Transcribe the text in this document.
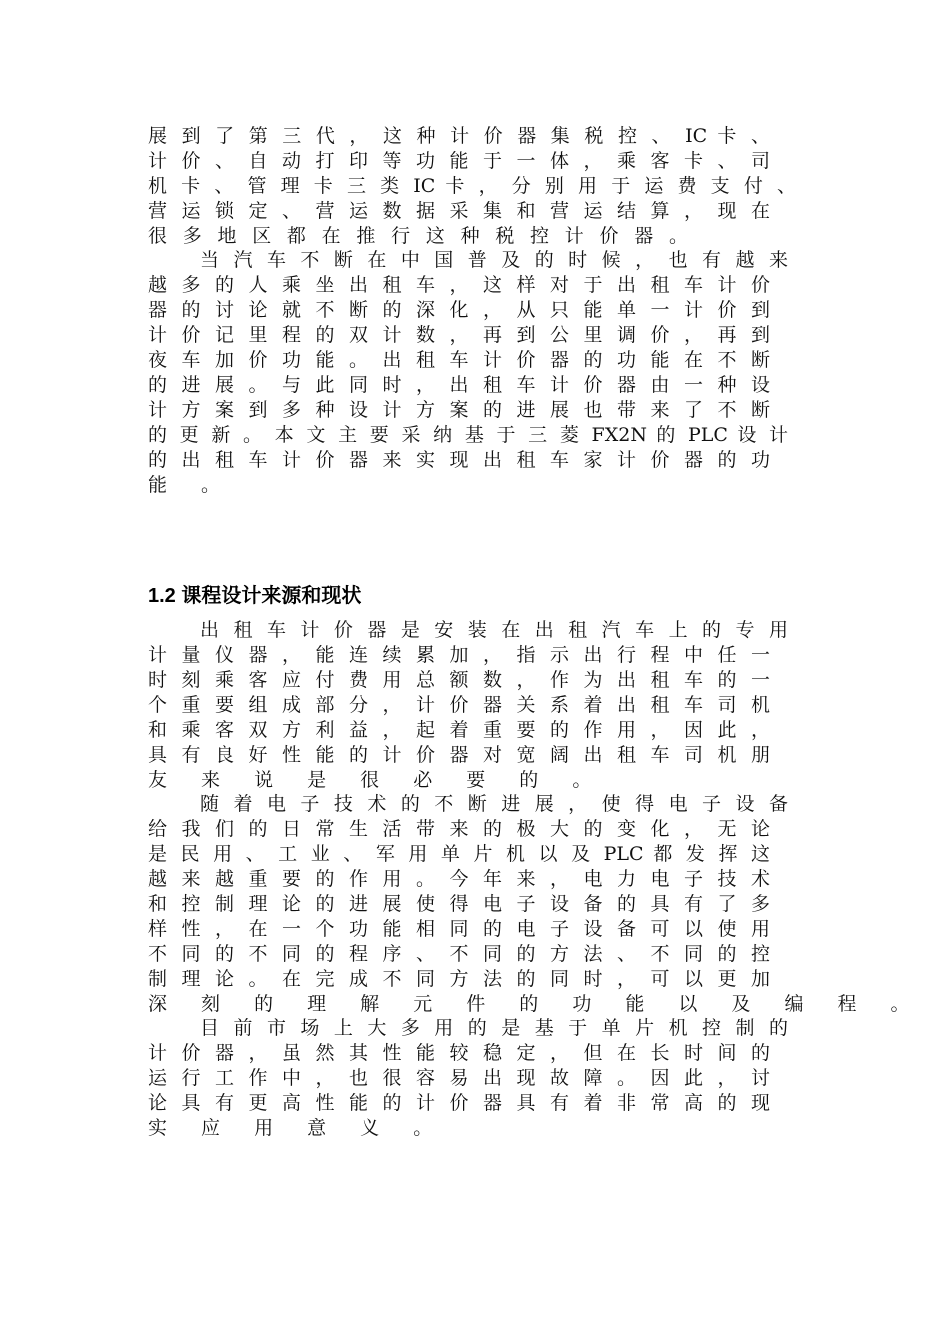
展 到 了 第 三 代 ， 这 种 计 价 器 集 税 控 、 IC 卡 、
计 价 、 自 动 打 印 等 功 能 于 一 体 ， 乘 客 卡 、 司
机 卡 、 管 理 卡 三 类 IC 卡 ， 分 别 用 于 运 费 支 付 、
营 运 锁 定 、 营 运 数 据 采 集 和 营 运 结 算 ， 现 在
很 多 地 区 都 在 推 行 这 种 税 控 计 价 器 。
当 汽 车 不 断 在 中 国 普 及 的 时 候 ， 也 有 越 来
越 多 的 人 乘 坐 出 租 车 ， 这 样 对 于 出 租 车 计 价
器 的 讨 论 就 不 断 的 深 化 ， 从 只 能 单 一 计 价 到
计 价 记 里 程 的 双 计 数 ， 再 到 公 里 调 价 ， 再 到
夜 车 加 价 功 能 。 出 租 车 计 价 器 的 功 能 在 不 断
的 进 展 。 与 此 同 时 ， 出 租 车 计 价 器 由 一 种 设
计 方 案 到 多 种 设 计 方 案 的 进 展 也 带 来 了 不 断
的 更 新 。 本 文 主 要 采 纳 基 于 三 菱 FX2N 的 PLC 设 计
的 出 租 车 计 价 器 来 实 现 出 租 车 家 计 价 器 的 功
能 。
1.2 课程设计来源和现状
出 租 车 计 价 器 是 安 装 在 出 租 汽 车 上 的 专 用
计 量 仪 器 ， 能 连 续 累 加 ， 指 示 出 行 程 中 任 一
时 刻 乘 客 应 付 费 用 总 额 数 ， 作 为 出 租 车 的 一
个 重 要 组 成 部 分 ， 计 价 器 关 系 着 出 租 车 司 机
和 乘 客 双 方 利 益 ， 起 着 重 要 的 作 用 ， 因 此 ，
具 有 良 好 性 能 的 计 价 器 对 宽 阔 出 租 车 司 机 朋
友 来 说 是 很 必 要 的 。
随 着 电 子 技 术 的 不 断 进 展 ， 使 得 电 子 设 备
给 我 们 的 日 常 生 活 带 来 的 极 大 的 变 化 ， 无 论
是 民 用 、 工 业 、 军 用 单 片 机 以 及 PLC 都 发 挥 这
越 来 越 重 要 的 作 用 。 今 年 来 ， 电 力 电 子 技 术
和 控 制 理 论 的 进 展 使 得 电 子 设 备 的 具 有 了 多
样 性 ， 在 一 个 功 能 相 同 的 电 子 设 备 可 以 使 用
不 同 的 不 同 的 程 序 、 不 同 的 方 法 、 不 同 的 控
制 理 论 。 在 完 成 不 同 方 法 的 同 时 ， 可 以 更 加
深 刻 的 理 解 元 件 的 功 能 以 及 编 程 。
目 前 市 场 上 大 多 用 的 是 基 于 单 片 机 控 制 的
计 价 器 ， 虽 然 其 性 能 较 稳 定 ， 但 在 长 时 间 的
运 行 工 作 中 ， 也 很 容 易 出 现 故 障 。 因 此 ， 讨
论 具 有 更 高 性 能 的 计 价 器 具 有 着 非 常 高 的 现
实 应 用 意 义 。
